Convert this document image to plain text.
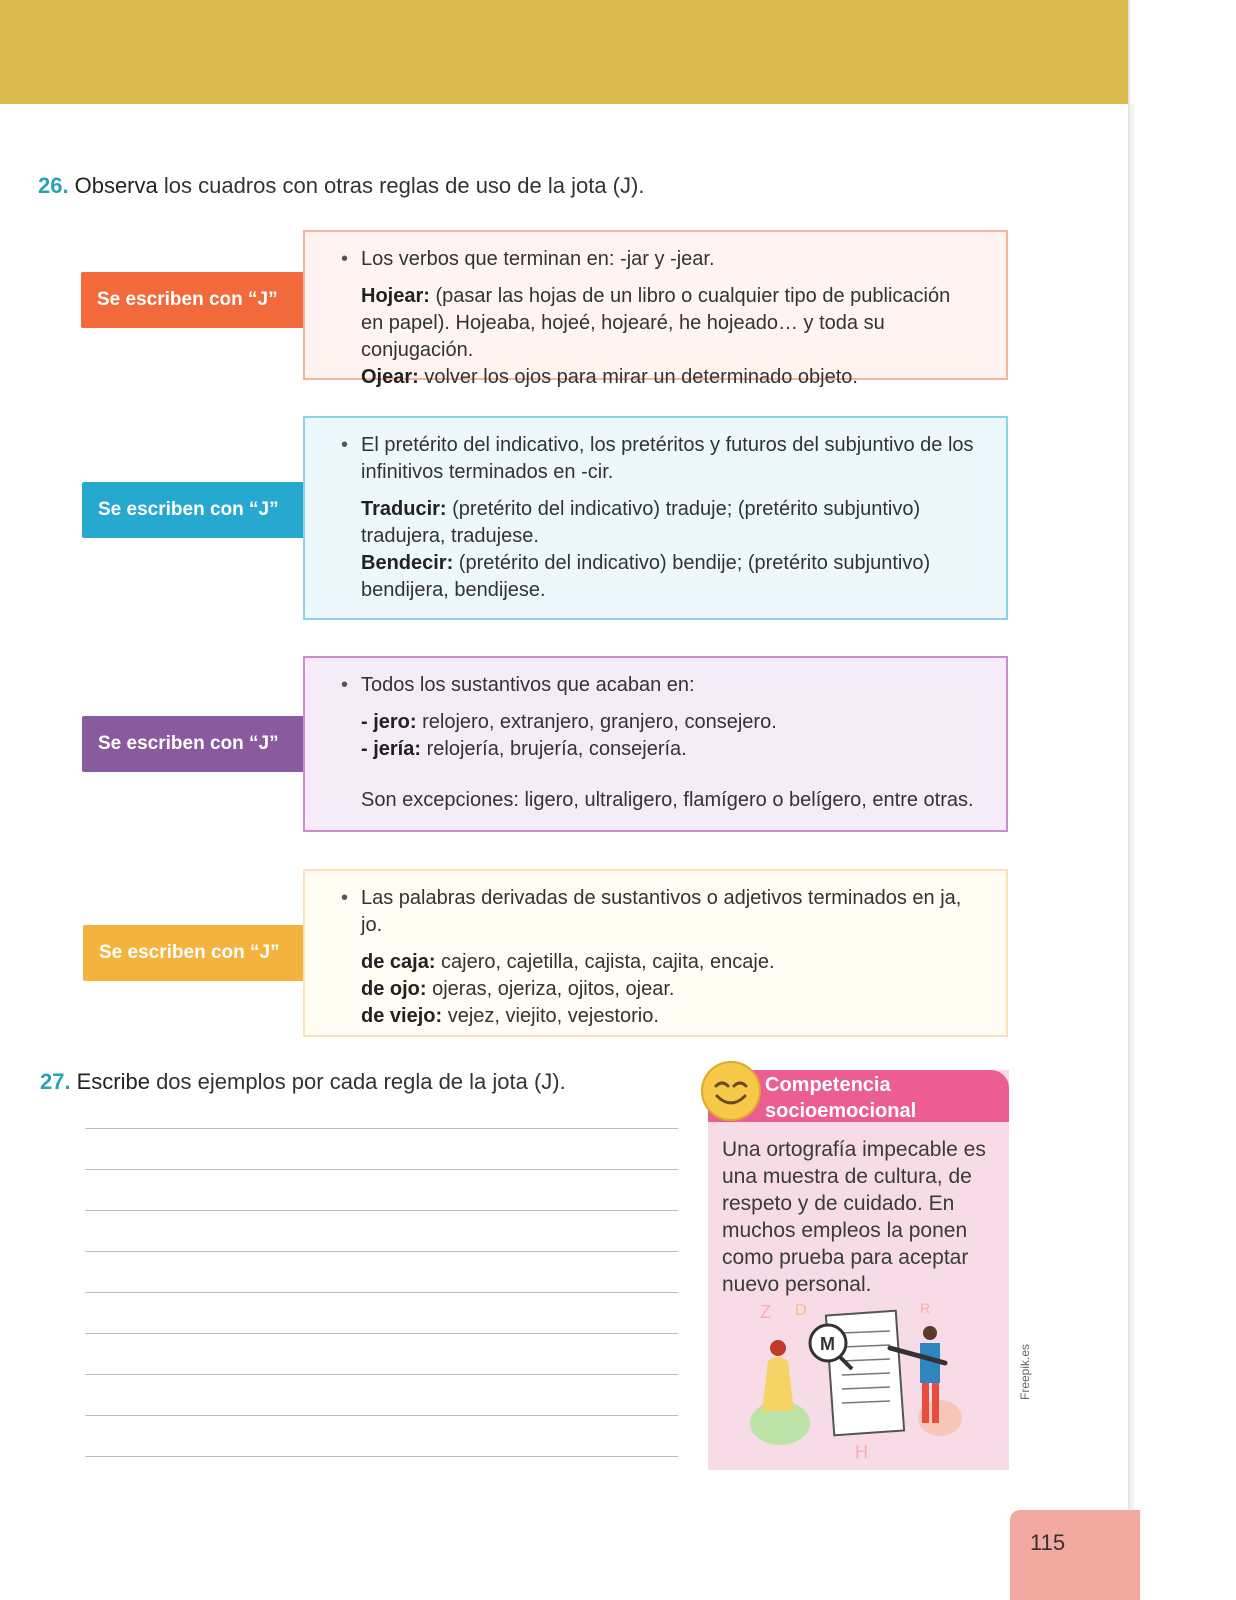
26. Observa los cuadros con otras reglas de uso de la jota (J).
Se escriben con “J”
• Los verbos que terminan en: -jar y -jear.
Hojear: (pasar las hojas de un libro o cualquier tipo de publicación en papel). Hojeaba, hojeé, hojearé, he hojeado… y toda su conjugación.
Ojear: volver los ojos para mirar un determinado objeto.
Se escriben con “J”
• El pretérito del indicativo, los pretéritos y futuros del subjuntivo de los infinitivos terminados en -cir.
Traducir: (pretérito del indicativo) traduje; (pretérito subjuntivo) tradujera, tradujese.
Bendecir: (pretérito del indicativo) bendije; (pretérito subjuntivo) bendijera, bendijese.
Se escriben con “J”
• Todos los sustantivos que acaban en:
- jero: relojero, extranjero, granjero, consejero.
- jería: relojería, brujería, consejería.
Son excepciones: ligero, ultraligero, flamígero o belígero, entre otras.
Se escriben con “J”
• Las palabras derivadas de sustantivos o adjetivos terminados en ja, jo.
de caja: cajero, cajetilla, cajista, cajita, encaje.
de ojo: ojeras, ojeriza, ojitos, ojear.
de viejo: vejez, viejito, vejestorio.
27. Escribe dos ejemplos por cada regla de la jota (J).	Competencia socioemocional
Una ortografía impecable es una muestra de cultura, de respeto y de cuidado. En muchos empleos la ponen como prueba para aceptar nuevo personal.
M
Z D	R
H
Freepik.es
115
